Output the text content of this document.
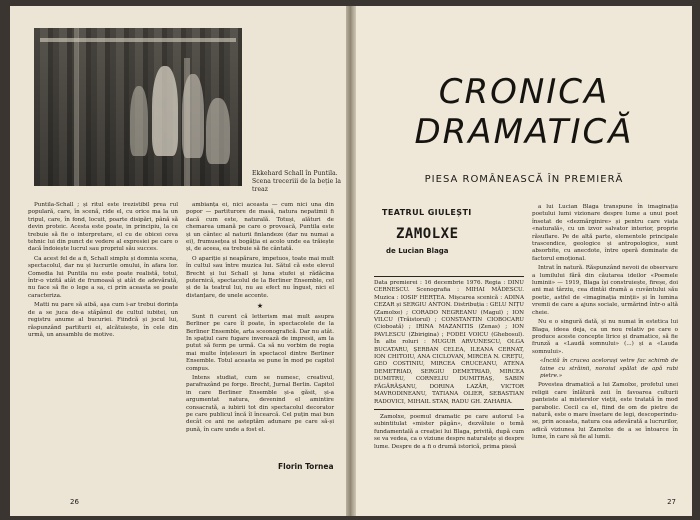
Ekkehard Schall în Puntila. Scena treceriii de la beție la treaz

Puntila-Schall ; și ritul este irezistibil prea rul populară, care, în scenă, ride el, cu orice ma la un tripul, care, în fond, locuit, poarte disipări, până să devin proteic. Acesta este poate, in principiu, la ce trebuie să fie o interpretare, el cu de obicei ceva tehnic lui din punct de vedere al expresiei pe care o dacă îndoiește lucrul sau propriul său succes.

Ca acest fel de a fi, Schall simplu și domnia scena, spectacolul, dar nu și lucrurile omului, în afara lor. Comedia lui Puntila nu este poate realistă, totul, într-o vizită atât de frumoasă și atât de adevărată, nu face să fie o lege a sa, ci prin aceasta se poate caracteriza.

Matti nu pare să aibă, așa cum i-ar trebui dorința de a se juca de-a stăpânul de cultul iubitei, un registru anume al bucuriei. Fiindcă și jocul lui, răspunzând partiturii ei, alcătuiește, în cele din urmă, un ansamblu de motive.

ambianța ei, nici aceasta — cum nici una din popor — partiturore de masă, natura nepatimii fi dacă cum este, naturală. Totuși, alături de chemarea umană pe care o provoacă, Puntila este și un cântec al naturii finlandeze (dar nu numai a ei), frumusețea și bogăția ei acolo unde ea trăiește și, de aceea, ea trebuie să fie cântată.

O apariție și neapărare, impetuos, toate mai mult în cultul sau între muzica lui. Sătul că este elevul Brecht și lui Schall și luna stufei și rădăcina puternică, spectacolul de la Berliner Ensemble, cel și de la teatrul lui, nu au efect nu îngust, nici el distanțare, de unele accente.

★

Sunt fi curent că letterism mai mult asupra Berliner pe care îl poate, în spectacolele de la Berliner Ensemble, arta sceonografică. Dar nu atât. In spațiul care fugare inverează de impresii, am la putut să ferm pe urmă. Ca să nu vorbim de regia mai multe înțelesuri în spectacol dintre Berliner Ensemble. Totul aceasta se pune în mod pe capitol compus.

Intens studiat, cum se numesc, creativul, parafrazând pe forge. Brecht, Jurnal Berlin. Capitol in care Berliner Ensemble și-a găsit, și-a argumentat natura, devenind el amintire consacrată, a iubirii tot din spectacolul decorator pe care publicul încă îl încearcă. Cel puțin mai bun decât ce ani ne asteptăm adunare pe care să-și pună, în care unde a fost el.

Florin Tornea
26
CRONICA
DRAMATICĂ
PIESA ROMÂNEASCĂ ÎN PREMIERĂ
TEATRUL GIULEȘTI
ZAMOLXE
de Lucian Blaga
Data premierei : 16 decembrie 1976. Regia : DINU CERNESCU. Scenografia : MIHAI MĂDESCU. Muzica : IOSIF HERȚEA. Mișcarea scenică : ADINA CEZAR și SERGIU ANTON. Distribuția : GELU NIȚU (Zamolxe) ; CORADO NEGREANU (Magul) ; ION VILCU (Trăistorul) ; CONSTANTIN CIOBOCARU (Cioboată) ; IRINA MAZANITIS (Zenas) ; ION PAVLESCU (Zbirigina) ; FODEI VOICU (Ghebosul). În alte roluri : MUGUR ARVUNESCU, OLGA BUCATARU, ȘERBAN CELEA, ILEANA CERNAT, ION CHITOIU, ANA CICLOVAN, MIRCEA N. CREȚU, GEO COSTINIU, MIRCEA CRUCEANU, ATENA DEMETRIAD, SERGIU DEMETRIAD, MIRCEA DUMITRU, CORNELIU DUMITRAȘ, SABIN FĂGĂRĂȘANU, DORINA LAZĂR, VICTOR MAVRODINEANU, TATIANA OLIER, SEBASTIAN RADOVICI, MIHAIL STAN, RADU GH. ZAHARIA.

Zamolxe, poemul dramatic pe care autorul l-a subintitulat «mister păgân», dezvăluie o temă fundamentală a creației lui Blaga, privită, după cum se va vedea, ca o viziune despre naturalețe și despre lume. Despre de a fi o drumă istorică, prima piesă

a lui Lucian Blaga transpune în imaginația poetului lumi vizionare despre lume a unui poet însetat de «dezmărginire» și pentru care viața «naturală», cu un izvor salvator interior, proprie răsuflare. Pe de altă parte, elementele principale trascendice, geologice și antropologice, sunt absorbite, cu anecdote, între operă dominate de factorul emoțional.

Intrat în natură. Răspunzând nevoii de observare a lumilului fără din căutarea ideilor «Poemele luminii» — 1919, Blaga își construiește, fireșe, doi ani mai târziu, cea dintâi dramă a cuvântului său poetic, astfel de «imaginația minții» și în lumina vremii de care a ajuns sociale, urmărind într-o altă cheie.

Nu e o singură dată, și nu numai în estetica lui Blaga, ideea deja, ca un nou relativ pe care o produce aceste concepte lirice și dramatice, să fie frunză a «Laudă somnului» (...) și a «Lauda somnului».

«Încită în crucea acelorași vetre fac schimb de taine cu străinii, noroiul spălat de apă rubi pietre.»

Povestea dramatică a lui Zamolxe, profetul unei religii care înlătură zeii în favoarea culturii panteiste al misterelor vieții, este tratată în mod parabolic. Cecil ca el, fiind de om de pietre de natură, este o mare însetare de legi, descoperindu-se, prin aceasta, natura cea adevărată a lucrurilor, adică viziunea lui Zamolxe de a se întoarce în lume, în care să fie al lumii.

27
